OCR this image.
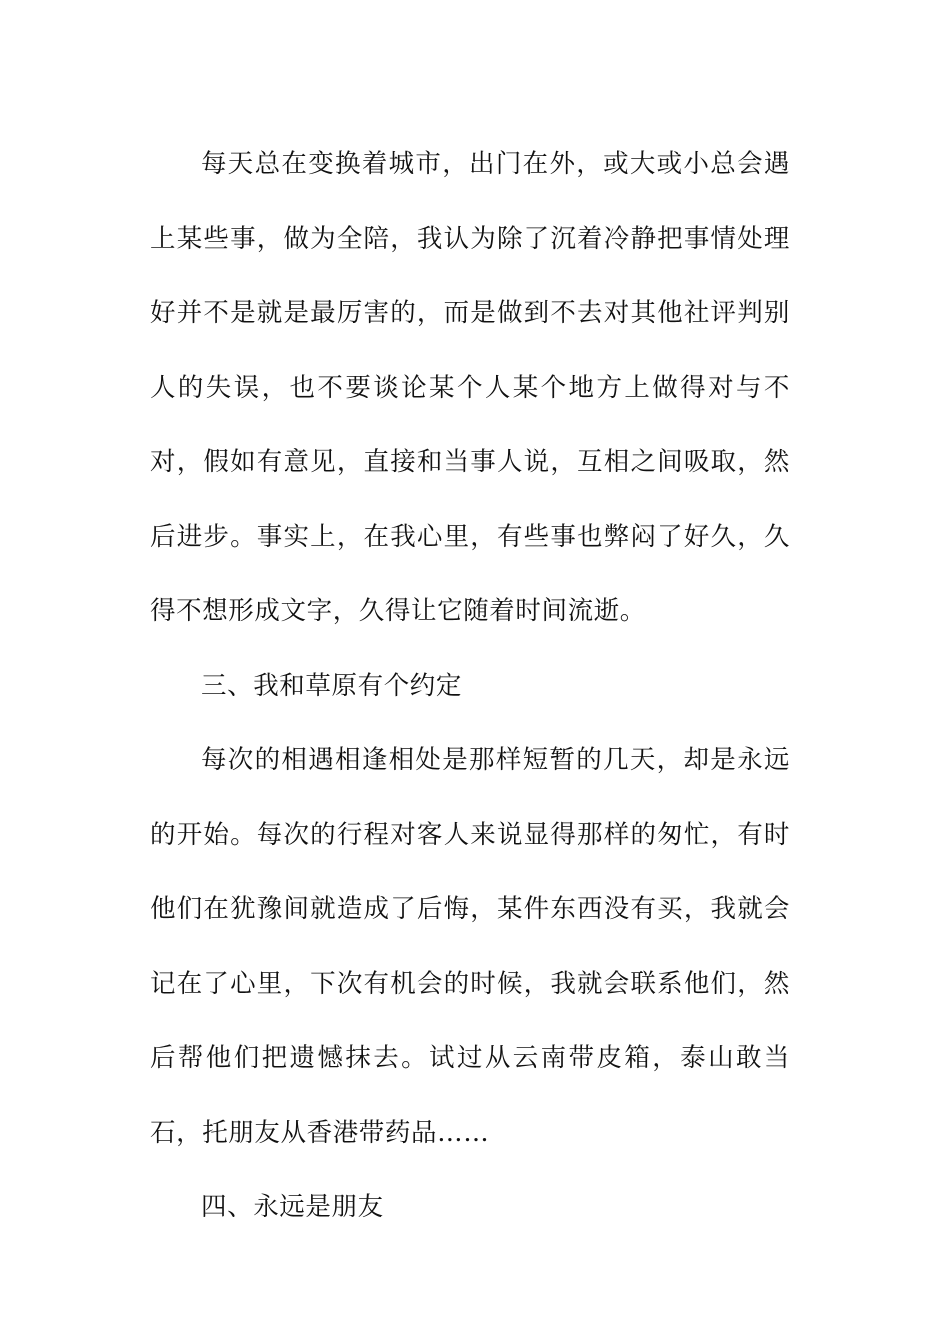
每天总在变换着城市，出门在外，或大或小总会遇上某些事，做为全陪，我认为除了沉着冷静把事情处理好并不是就是最厉害的，而是做到不去对其他社评判别人的失误，也不要谈论某个人某个地方上做得对与不对，假如有意见，直接和当事人说，互相之间吸取，然后进步。事实上，在我心里，有些事也弊闷了好久，久得不想形成文字，久得让它随着时间流逝。

三、我和草原有个约定

每次的相遇相逢相处是那样短暂的几天，却是永远的开始。每次的行程对客人来说显得那样的匆忙，有时他们在犹豫间就造成了后悔，某件东西没有买，我就会记在了心里，下次有机会的时候，我就会联系他们，然后帮他们把遗憾抹去。试过从云南带皮箱，泰山敢当石，托朋友从香港带药品……

四、永远是朋友
